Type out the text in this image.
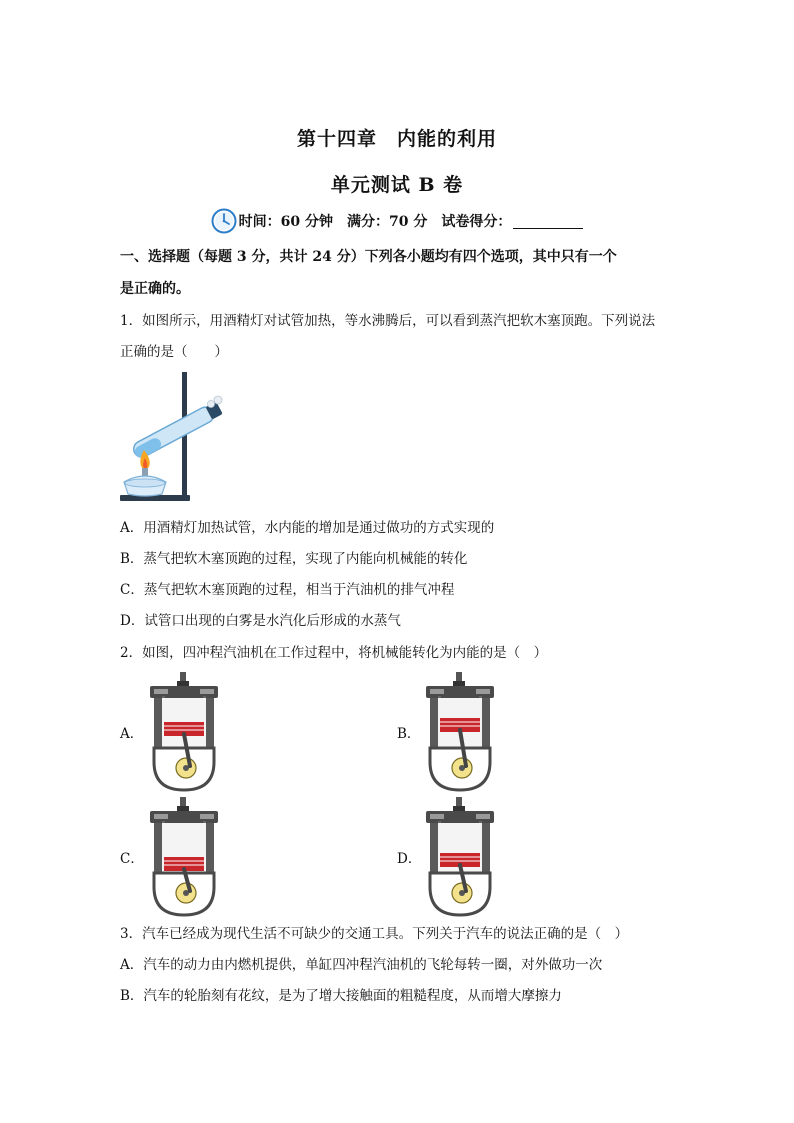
第十四章　内能的利用
单元测试 B 卷
时间：60 分钟 满分：70 分 试卷得分：
一、选择题（每题 3 分，共计 24 分）下列各小题均有四个选项，其中只有一个
是正确的。
1．如图所示，用酒精灯对试管加热，等水沸腾后，可以看到蒸汽把软木塞顶跑。下列说法
正确的是（　　）
A．用酒精灯加热试管，水内能的增加是通过做功的方式实现的
B．蒸气把软木塞顶跑的过程，实现了内能向机械能的转化
C．蒸气把软木塞顶跑的过程，相当于汽油机的排气冲程
D．试管口出现的白雾是水汽化后形成的水蒸气
2．如图，四冲程汽油机在工作过程中，将机械能转化为内能的是（　）
A．	B．
C．	D．
3．汽车已经成为现代生活不可缺少的交通工具。下列关于汽车的说法正确的是（　）
A．汽车的动力由内燃机提供，单缸四冲程汽油机的飞轮每转一圈，对外做功一次
B．汽车的轮胎刻有花纹，是为了增大接触面的粗糙程度，从而增大摩擦力
